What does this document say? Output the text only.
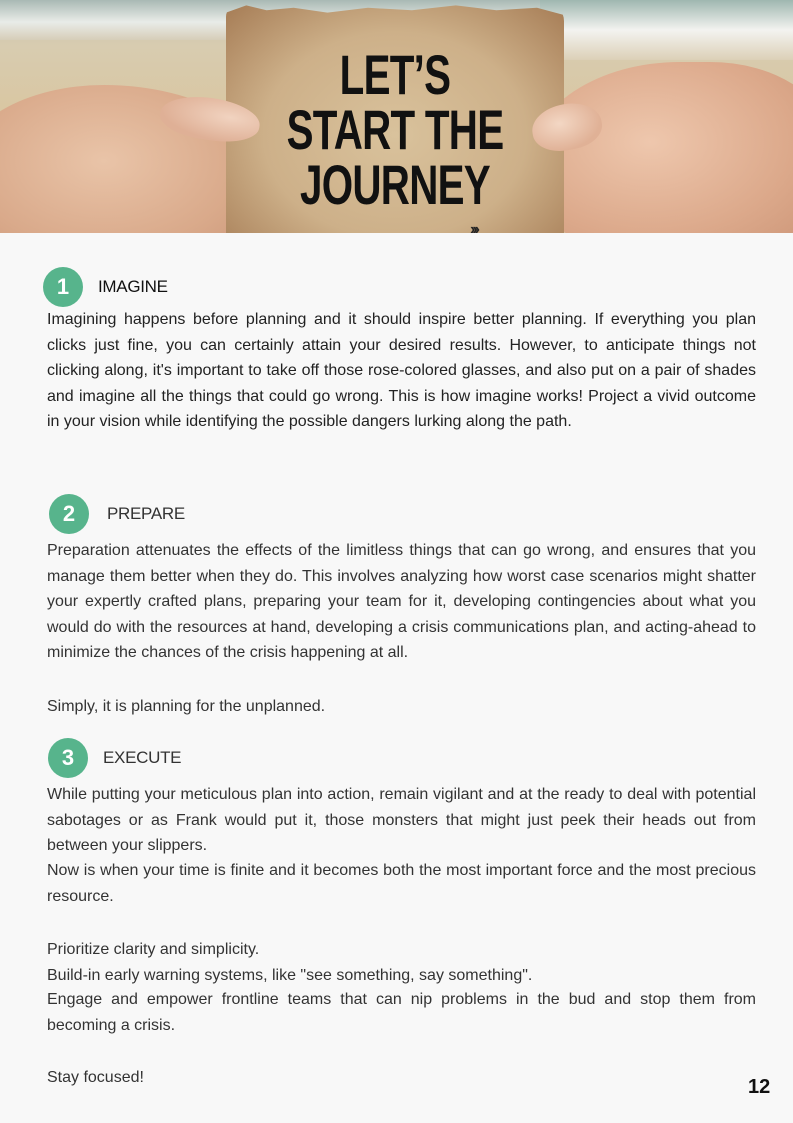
LET’S
START THE
JOURNEY
›››
1	IMAGINE

Imagining happens before planning and it should inspire better planning. If everything you plan clicks just fine, you can certainly attain your desired results. However, to anticipate things not clicking along, it's important to take off those rose-colored glasses, and also put on a pair of shades and imagine all the things that could go wrong. This is how imagine works! Project a vivid outcome in your vision while identifying the possible dangers lurking along the path.

2	PREPARE

Preparation attenuates the effects of the limitless things that can go wrong, and ensures that you manage them better when they do. This involves analyzing how worst case scenarios might shatter your expertly crafted plans, preparing your team for it, developing contingencies about what you would do with the resources at hand, developing a crisis communications plan, and acting-ahead to minimize the chances of the crisis happening at all.

Simply, it is planning for the unplanned.

3	EXECUTE

While putting your meticulous plan into action, remain vigilant and at the ready to deal with potential sabotages or as Frank would put it, those monsters that might just peek their heads out from between your slippers.

Now is when your time is finite and it becomes both the most important force and the most precious resource.

Prioritize clarity and simplicity.

Build-in early warning systems, like "see something, say something".

Engage and empower frontline teams that can nip problems in the bud and stop them from becoming a crisis.

Stay focused!	12
